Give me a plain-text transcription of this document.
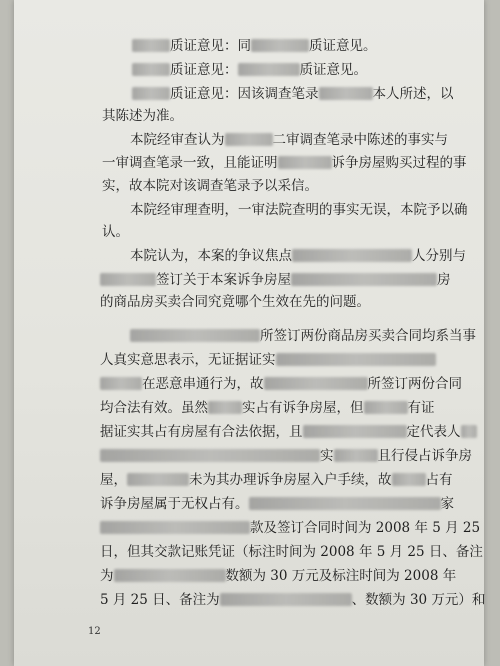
质证意见：同	质证意见。
质证意见：	质证意见。
质证意见：因该调查笔录	本人所述，以
其陈述为准。
本院经审查认为	二审调查笔录中陈述的事实与
一审调查笔录一致，且能证明	诉争房屋购买过程的事
实，故本院对该调查笔录予以采信。
本院经审理查明，一审法院查明的事实无误，本院予以确
认。
本院认为，本案的争议焦点	人分别与
签订关于本案诉争房屋	房
的商品房买卖合同究竟哪个生效在先的问题。
所签订两份商品房买卖合同均系当事
人真实意思表示，无证据证实
在恶意串通行为，故	所签订两份合同
均合法有效。虽然	实占有诉争房屋，但	有证
据证实其占有房屋有合法依据，且	定代表人
实	且行侵占诉争房
屋，	未为其办理诉争房屋入户手续，故	占有
诉争房屋属于无权占有。	家
款及签订合同时间为 2008 年 5 月 25
日，但其交款记账凭证（标注时间为 2008 年 5 月 25 日、备注
为	数额为 30 万元及标注时间为 2008 年
5 月 25 日、备注为	、数额为 30 万元）和
12
